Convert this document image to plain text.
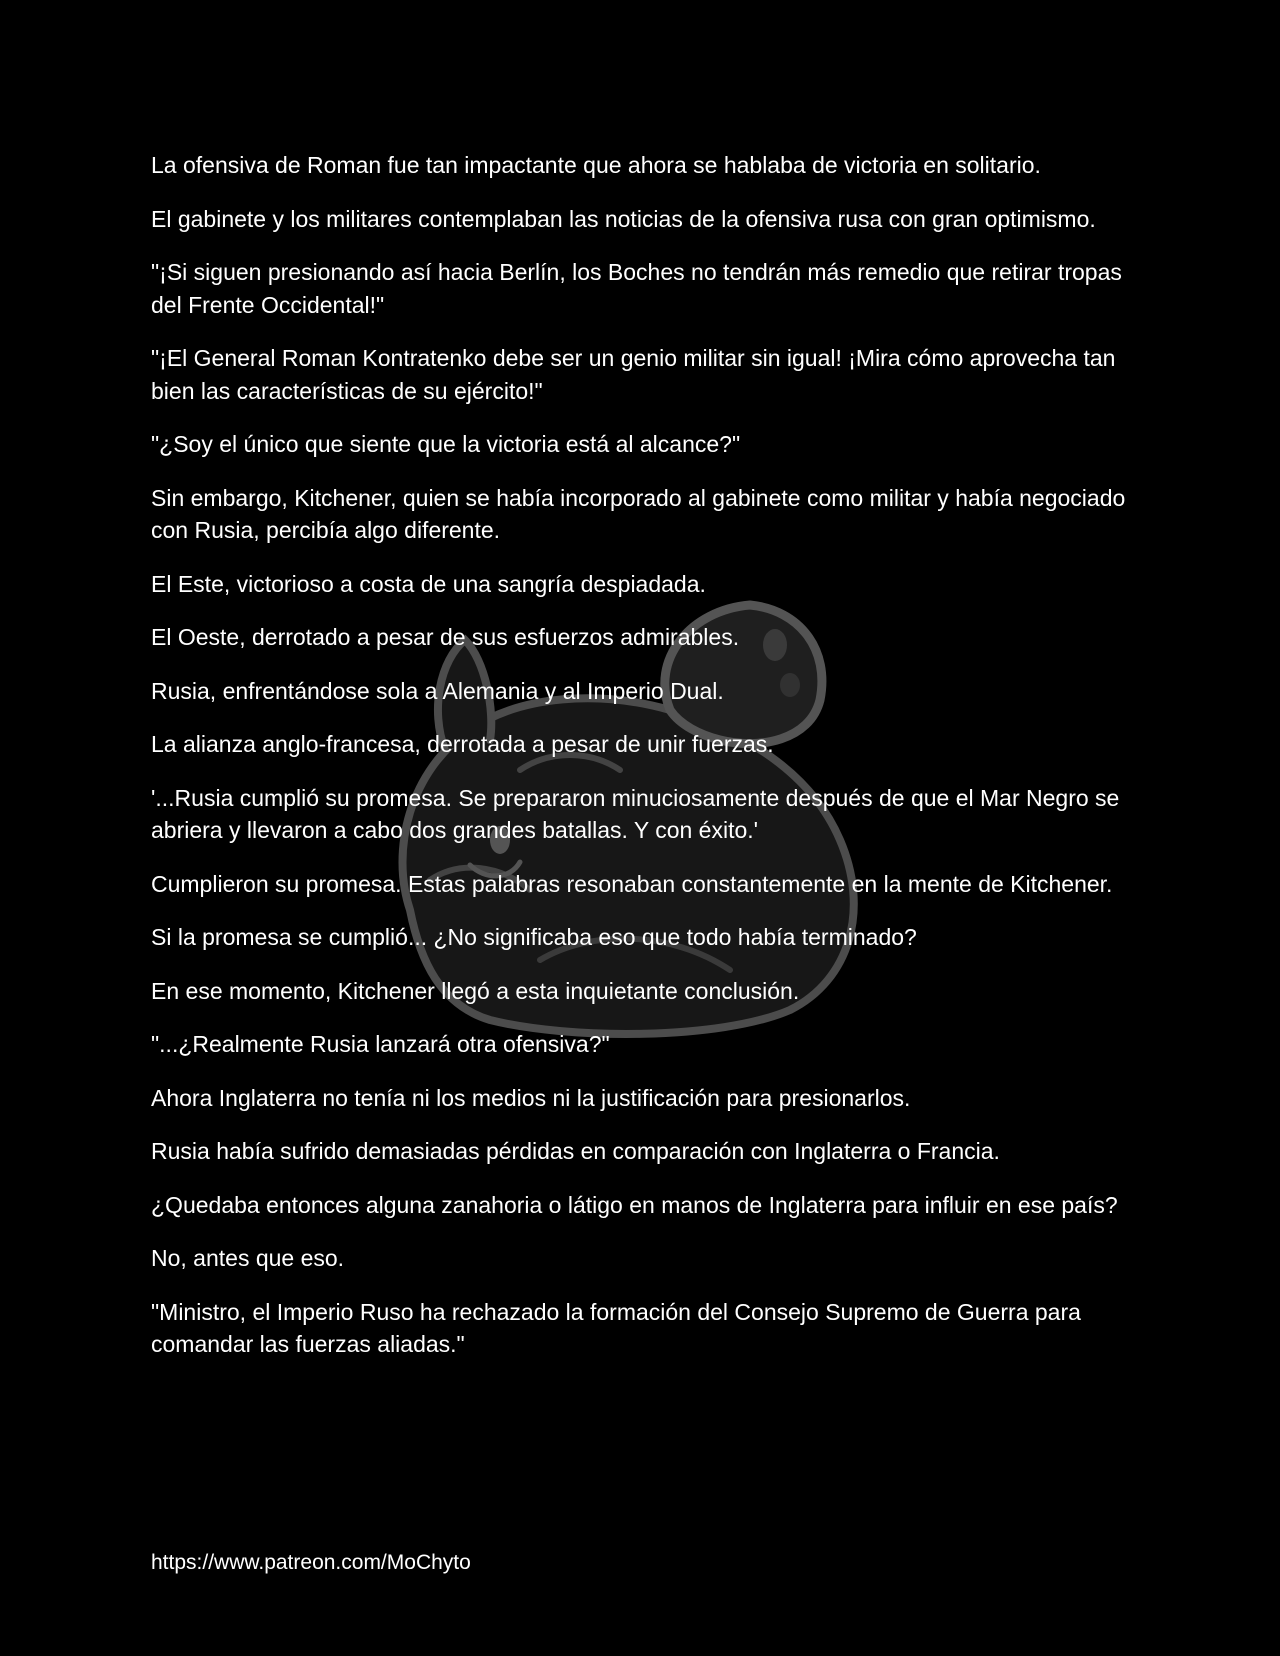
La ofensiva de Roman fue tan impactante que ahora se hablaba de victoria en solitario.

El gabinete y los militares contemplaban las noticias de la ofensiva rusa con gran optimismo.

"¡Si siguen presionando así hacia Berlín, los Boches no tendrán más remedio que retirar tropas del Frente Occidental!"

"¡El General Roman Kontratenko debe ser un genio militar sin igual! ¡Mira cómo aprovecha tan bien las características de su ejército!"

"¿Soy el único que siente que la victoria está al alcance?"

Sin embargo, Kitchener, quien se había incorporado al gabinete como militar y había negociado con Rusia, percibía algo diferente.

El Este, victorioso a costa de una sangría despiadada.

El Oeste, derrotado a pesar de sus esfuerzos admirables.

Rusia, enfrentándose sola a Alemania y al Imperio Dual.

La alianza anglo-francesa, derrotada a pesar de unir fuerzas.

'...Rusia cumplió su promesa. Se prepararon minuciosamente después de que el Mar Negro se abriera y llevaron a cabo dos grandes batallas. Y con éxito.'

Cumplieron su promesa. Estas palabras resonaban constantemente en la mente de Kitchener.

Si la promesa se cumplió... ¿No significaba eso que todo había terminado?

En ese momento, Kitchener llegó a esta inquietante conclusión.

"...¿Realmente Rusia lanzará otra ofensiva?"

Ahora Inglaterra no tenía ni los medios ni la justificación para presionarlos.

Rusia había sufrido demasiadas pérdidas en comparación con Inglaterra o Francia.

¿Quedaba entonces alguna zanahoria o látigo en manos de Inglaterra para influir en ese país?

No, antes que eso.

"Ministro, el Imperio Ruso ha rechazado la formación del Consejo Supremo de Guerra para comandar las fuerzas aliadas."

https://www.patreon.com/MoChyto
